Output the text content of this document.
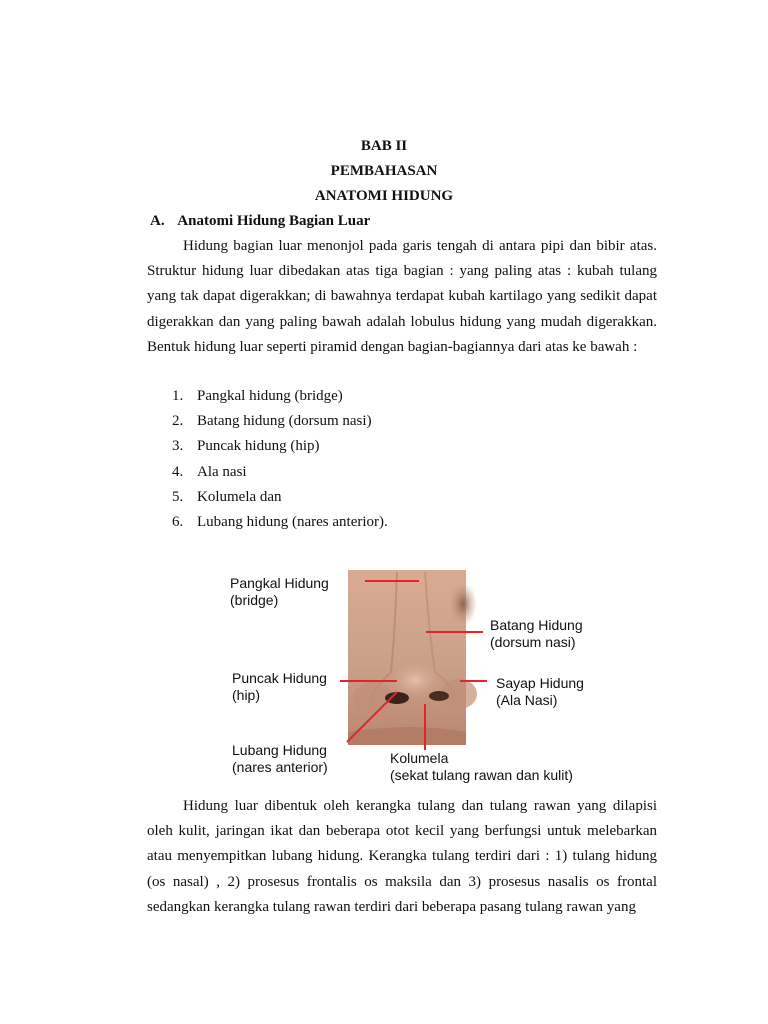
BAB II
PEMBAHASAN
ANATOMI HIDUNG
A. Anatomi Hidung Bagian Luar

Hidung bagian luar menonjol pada garis tengah di antara pipi dan bibir atas. Struktur hidung luar dibedakan atas tiga bagian : yang paling atas : kubah tulang yang tak dapat digerakkan; di bawahnya terdapat kubah kartilago yang sedikit dapat digerakkan dan yang paling bawah adalah lobulus hidung yang mudah digerakkan. Bentuk hidung luar seperti piramid dengan bagian-bagiannya dari atas ke bawah :

1. Pangkal hidung (bridge)
2. Batang hidung (dorsum nasi)
3. Puncak hidung (hip)
4. Ala nasi
5. Kolumela dan
6. Lubang hidung (nares anterior).
Pangkal Hidung
(bridge)
Batang Hidung
(dorsum nasi)
Puncak Hidung
(hip)
Sayap Hidung
(Ala Nasi)
Lubang Hidung
(nares anterior)
Kolumela
(sekat tulang rawan dan kulit)

Hidung luar dibentuk oleh kerangka tulang dan tulang rawan yang dilapisi oleh kulit, jaringan ikat dan beberapa otot kecil yang berfungsi untuk melebarkan atau menyempitkan lubang hidung. Kerangka tulang terdiri dari : 1) tulang hidung (os nasal) , 2) prosesus frontalis os maksila dan 3) prosesus nasalis os frontal sedangkan kerangka tulang rawan terdiri dari beberapa pasang tulang rawan yang
